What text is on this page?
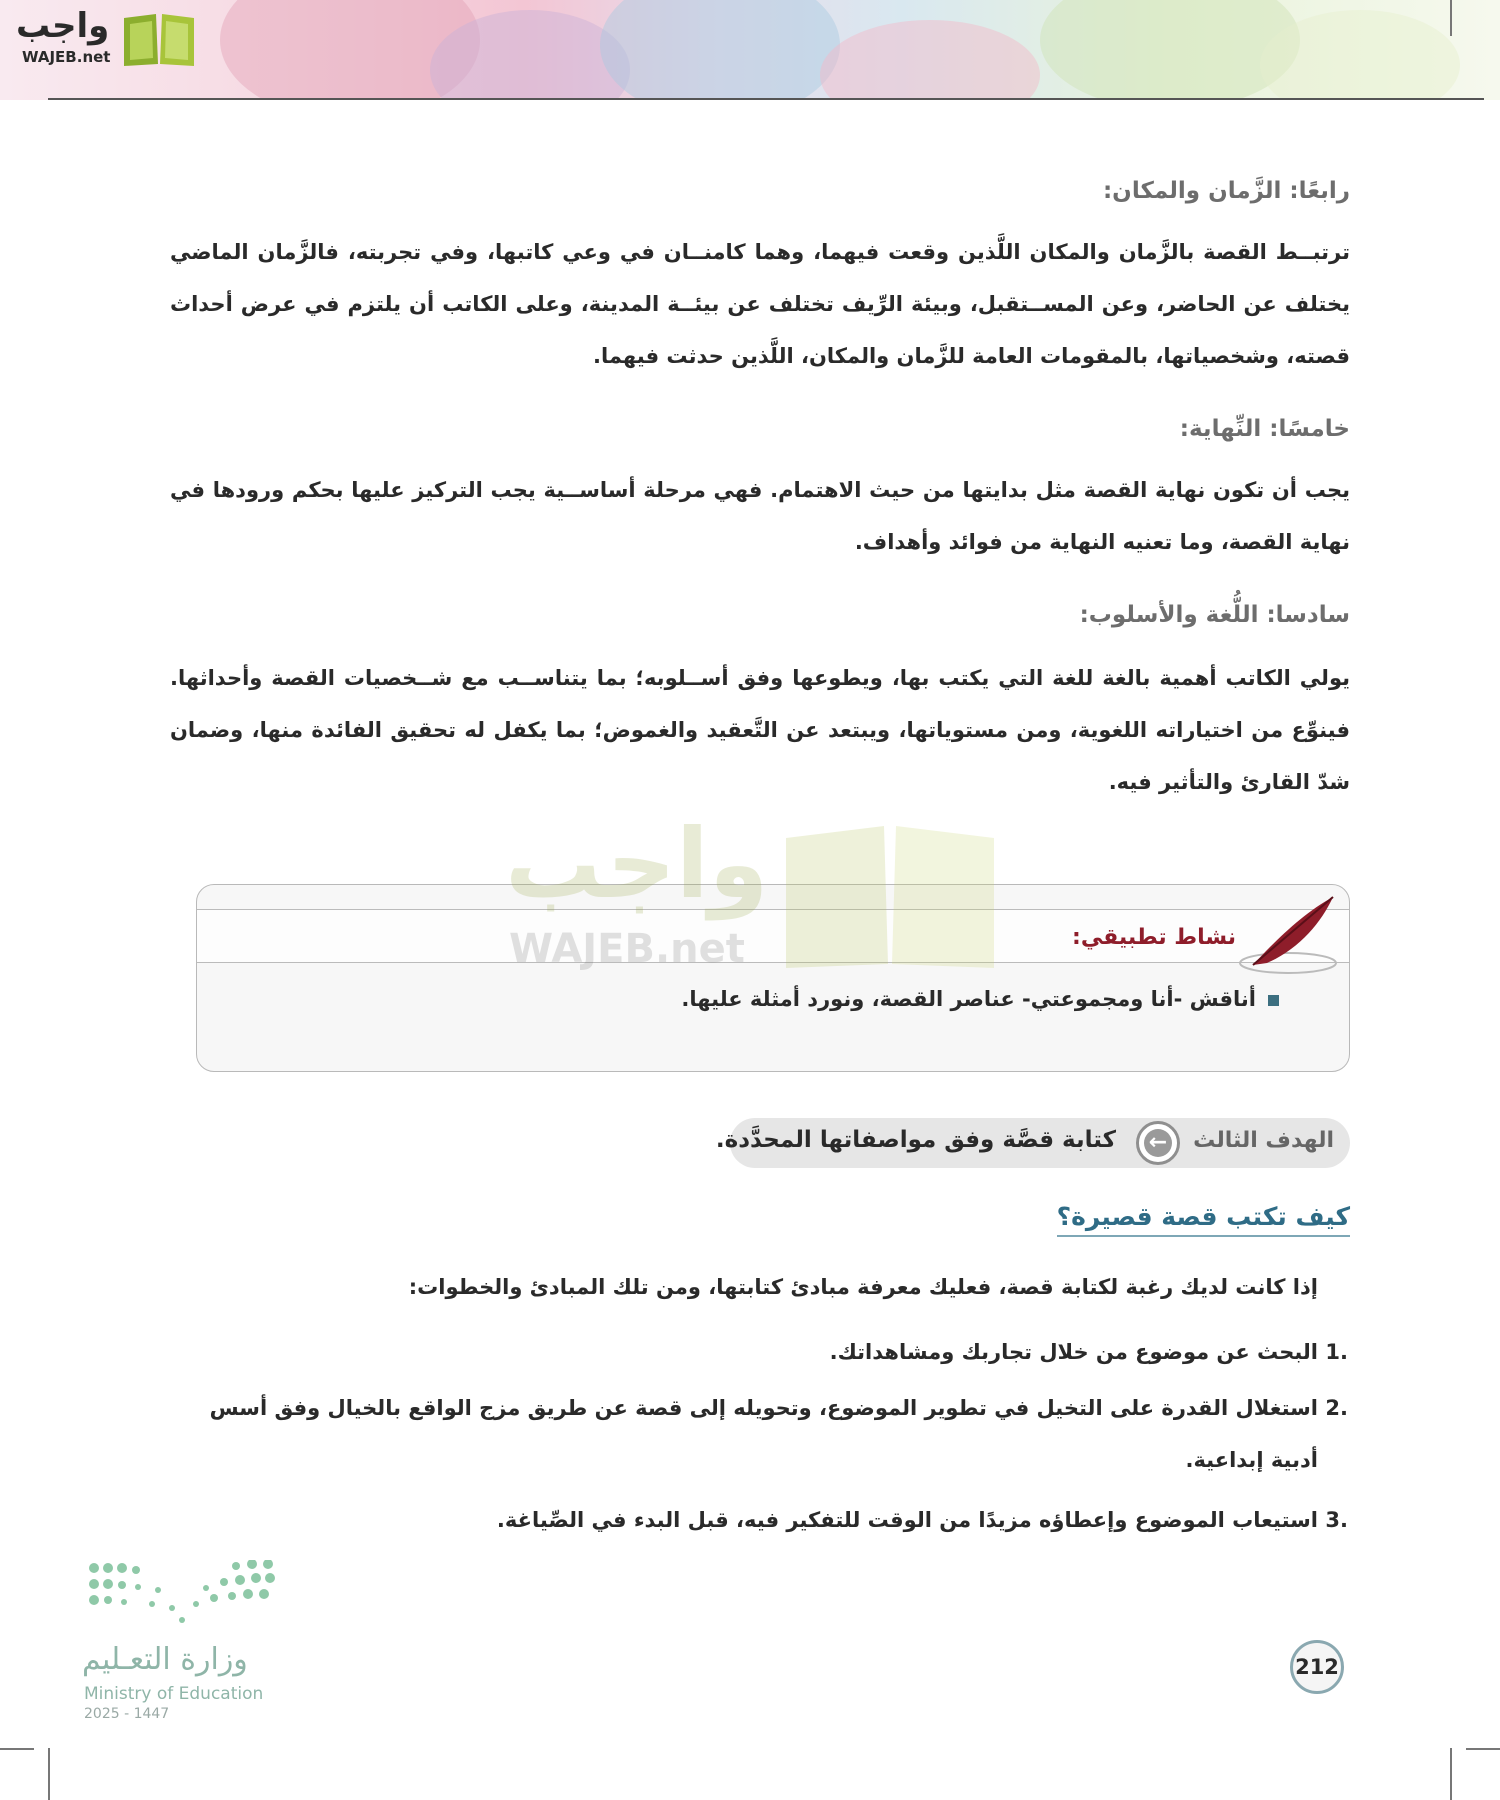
واجب
WAJEB.net
رابعًا: الزَّمان والمكان:
ترتبــط القصة بالزَّمان والمكان اللَّذين وقعت فيهما، وهما كامنــان في وعي كاتبها، وفي تجربته، فالزَّمان الماضي يختلف عن الحاضر، وعن المســتقبل، وبيئة الرِّيف تختلف عن بيئــة المدينة، وعلى الكاتب أن يلتزم في عرض أحداث قصته، وشخصياتها، بالمقومات العامة للزَّمان والمكان، اللَّذين حدثت فيهما.
خامسًا: النِّهاية:
يجب أن تكون نهاية القصة مثل بدايتها من حيث الاهتمام. فهي مرحلة أساســية يجب التركيز عليها بحكم ورودها في نهاية القصة، وما تعنيه النهاية من فوائد وأهداف.
سادسا: اللُّغة والأسلوب:
يولي الكاتب أهمية بالغة للغة التي يكتب بها، ويطوعها وفق أســلوبه؛ بما يتناســب مع شــخصيات القصة وأحداثها. فينوِّع من اختياراته اللغوية، ومن مستوياتها، ويبتعد عن التَّعقيد والغموض؛ بما يكفل له تحقيق الفائدة منها، وضمان شدّ القارئ والتأثير فيه.
نشاط تطبيقي:
أناقش -أنا ومجموعتي- عناصر القصة، ونورد أمثلة عليها.
واجب
WAJEB.net
الهدف الثالث
←
كتابة قصَّة وفق مواصفاتها المحدَّدة.
كيف تكتب قصة قصيرة؟
إذا كانت لديك رغبة لكتابة قصة، فعليك معرفة مبادئ كتابتها، ومن تلك المبادئ والخطوات:
.1
البحث عن موضوع من خلال تجاربك ومشاهداتك.
.2
استغلال القدرة على التخيل في تطوير الموضوع، وتحويله إلى قصة عن طريق مزج الواقع بالخيال وفق أسس أدبية إبداعية.
.3
استيعاب الموضوع وإعطاؤه مزيدًا من الوقت للتفكير فيه، قبل البدء في الصِّياغة.
وزارة التعـليم
Ministry of Education
2025 - 1447
212
